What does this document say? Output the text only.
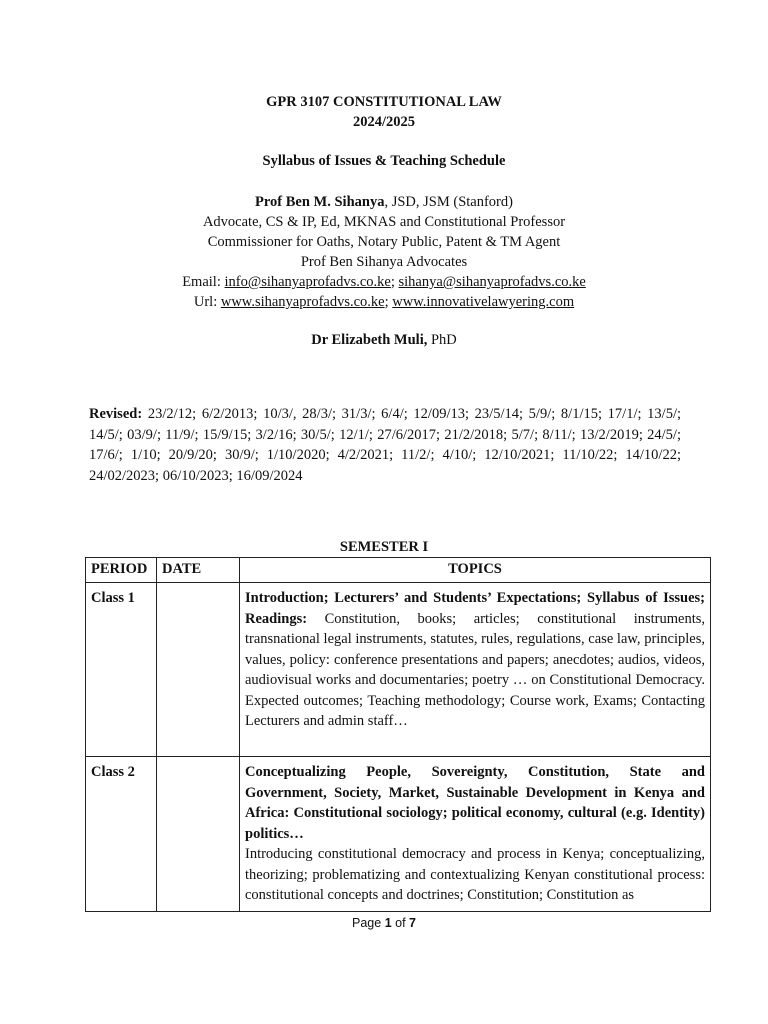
GPR 3107 CONSTITUTIONAL LAW
2024/2025
Syllabus of Issues & Teaching Schedule
Prof Ben M. Sihanya, JSD, JSM (Stanford)
Advocate, CS & IP, Ed, MKNAS and Constitutional Professor
Commissioner for Oaths, Notary Public, Patent & TM Agent
Prof Ben Sihanya Advocates
Email: info@sihanyaprofadvs.co.ke; sihanya@sihanyaprofadvs.co.ke
Url: www.sihanyaprofadvs.co.ke; www.innovativelawyering.com
Dr Elizabeth Muli, PhD
Revised: 23/2/12; 6/2/2013; 10/3/, 28/3/; 31/3/; 6/4/; 12/09/13; 23/5/14; 5/9/; 8/1/15; 17/1/; 13/5/; 14/5/; 03/9/; 11/9/; 15/9/15; 3/2/16; 30/5/; 12/1/; 27/6/2017; 21/2/2018; 5/7/; 8/11/; 13/2/2019; 24/5/; 17/6/; 1/10; 20/9/20; 30/9/; 1/10/2020; 4/2/2021; 11/2/; 4/10/; 12/10/2021; 11/10/22; 14/10/22; 24/02/2023; 06/10/2023; 16/09/2024
SEMESTER I
PERIOD	DATE	TOPICS
Class 1		Introduction; Lecturers’ and Students’ Expectations; Syllabus of Issues; Readings: Constitution, books; articles; constitutional instruments, transnational legal instruments, statutes, rules, regulations, case law, principles, values, policy: conference presentations and papers; anecdotes; audios, videos, audiovisual works and documentaries; poetry … on Constitutional Democracy. Expected outcomes; Teaching methodology; Course work, Exams; Contacting Lecturers and admin staff…
Class 2		Conceptualizing People, Sovereignty, Constitution, State and Government, Society, Market, Sustainable Development in Kenya and Africa: Constitutional sociology; political economy, cultural (e.g. Identity) politics…
Introducing constitutional democracy and process in Kenya; conceptualizing, theorizing; problematizing and contextualizing Kenyan constitutional process: constitutional concepts and doctrines; Constitution; Constitution as
Page 1 of 7
